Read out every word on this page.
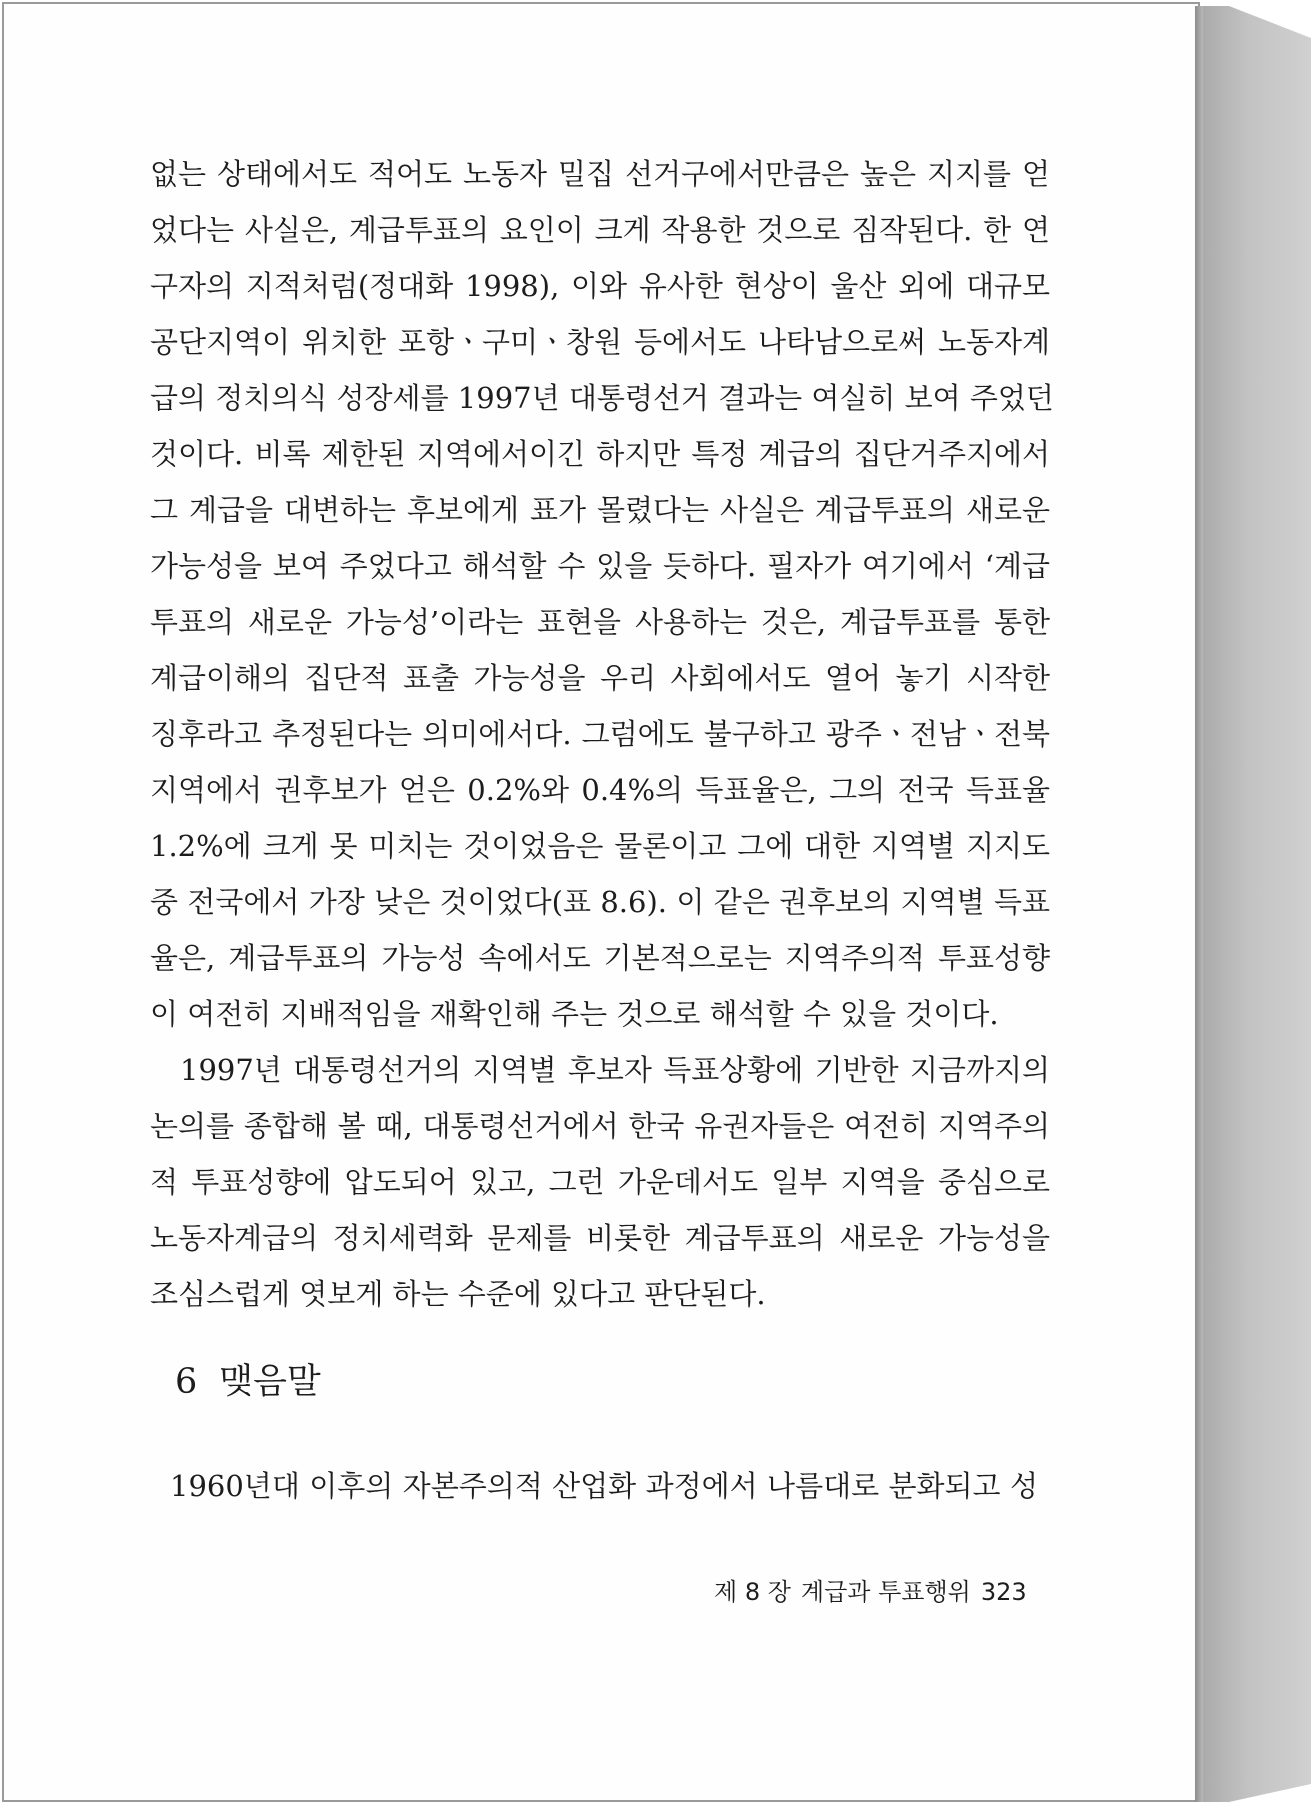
없는 상태에서도 적어도 노동자 밀집 선거구에서만큼은 높은 지지를 얻
었다는 사실은, 계급투표의 요인이 크게 작용한 것으로 짐작된다. 한 연
구자의 지적처럼(정대화 1998), 이와 유사한 현상이 울산 외에 대규모
공단지역이 위치한 포항ㆍ구미ㆍ창원 등에서도 나타남으로써 노동자계
급의 정치의식 성장세를 1997년 대통령선거 결과는 여실히 보여 주었던
것이다. 비록 제한된 지역에서이긴 하지만 특정 계급의 집단거주지에서
그 계급을 대변하는 후보에게 표가 몰렸다는 사실은 계급투표의 새로운
가능성을 보여 주었다고 해석할 수 있을 듯하다. 필자가 여기에서 ‘계급
투표의 새로운 가능성’이라는 표현을 사용하는 것은, 계급투표를 통한
계급이해의 집단적 표출 가능성을 우리 사회에서도 열어 놓기 시작한
징후라고 추정된다는 의미에서다. 그럼에도 불구하고 광주ㆍ전남ㆍ전북
지역에서 권후보가 얻은 0.2%와 0.4%의 득표율은, 그의 전국 득표율
1.2%에 크게 못 미치는 것이었음은 물론이고 그에 대한 지역별 지지도
중 전국에서 가장 낮은 것이었다(표 8.6). 이 같은 권후보의 지역별 득표
율은, 계급투표의 가능성 속에서도 기본적으로는 지역주의적 투표성향
이 여전히 지배적임을 재확인해 주는 것으로 해석할 수 있을 것이다.
1997년 대통령선거의 지역별 후보자 득표상황에 기반한 지금까지의
논의를 종합해 볼 때, 대통령선거에서 한국 유권자들은 여전히 지역주의
적 투표성향에 압도되어 있고, 그런 가운데서도 일부 지역을 중심으로
노동자계급의 정치세력화 문제를 비롯한 계급투표의 새로운 가능성을
조심스럽게 엿보게 하는 수준에 있다고 판단된다.
6 맺음말
1960년대 이후의 자본주의적 산업화 과정에서 나름대로 분화되고 성
제 8 장 계급과 투표행위 323
